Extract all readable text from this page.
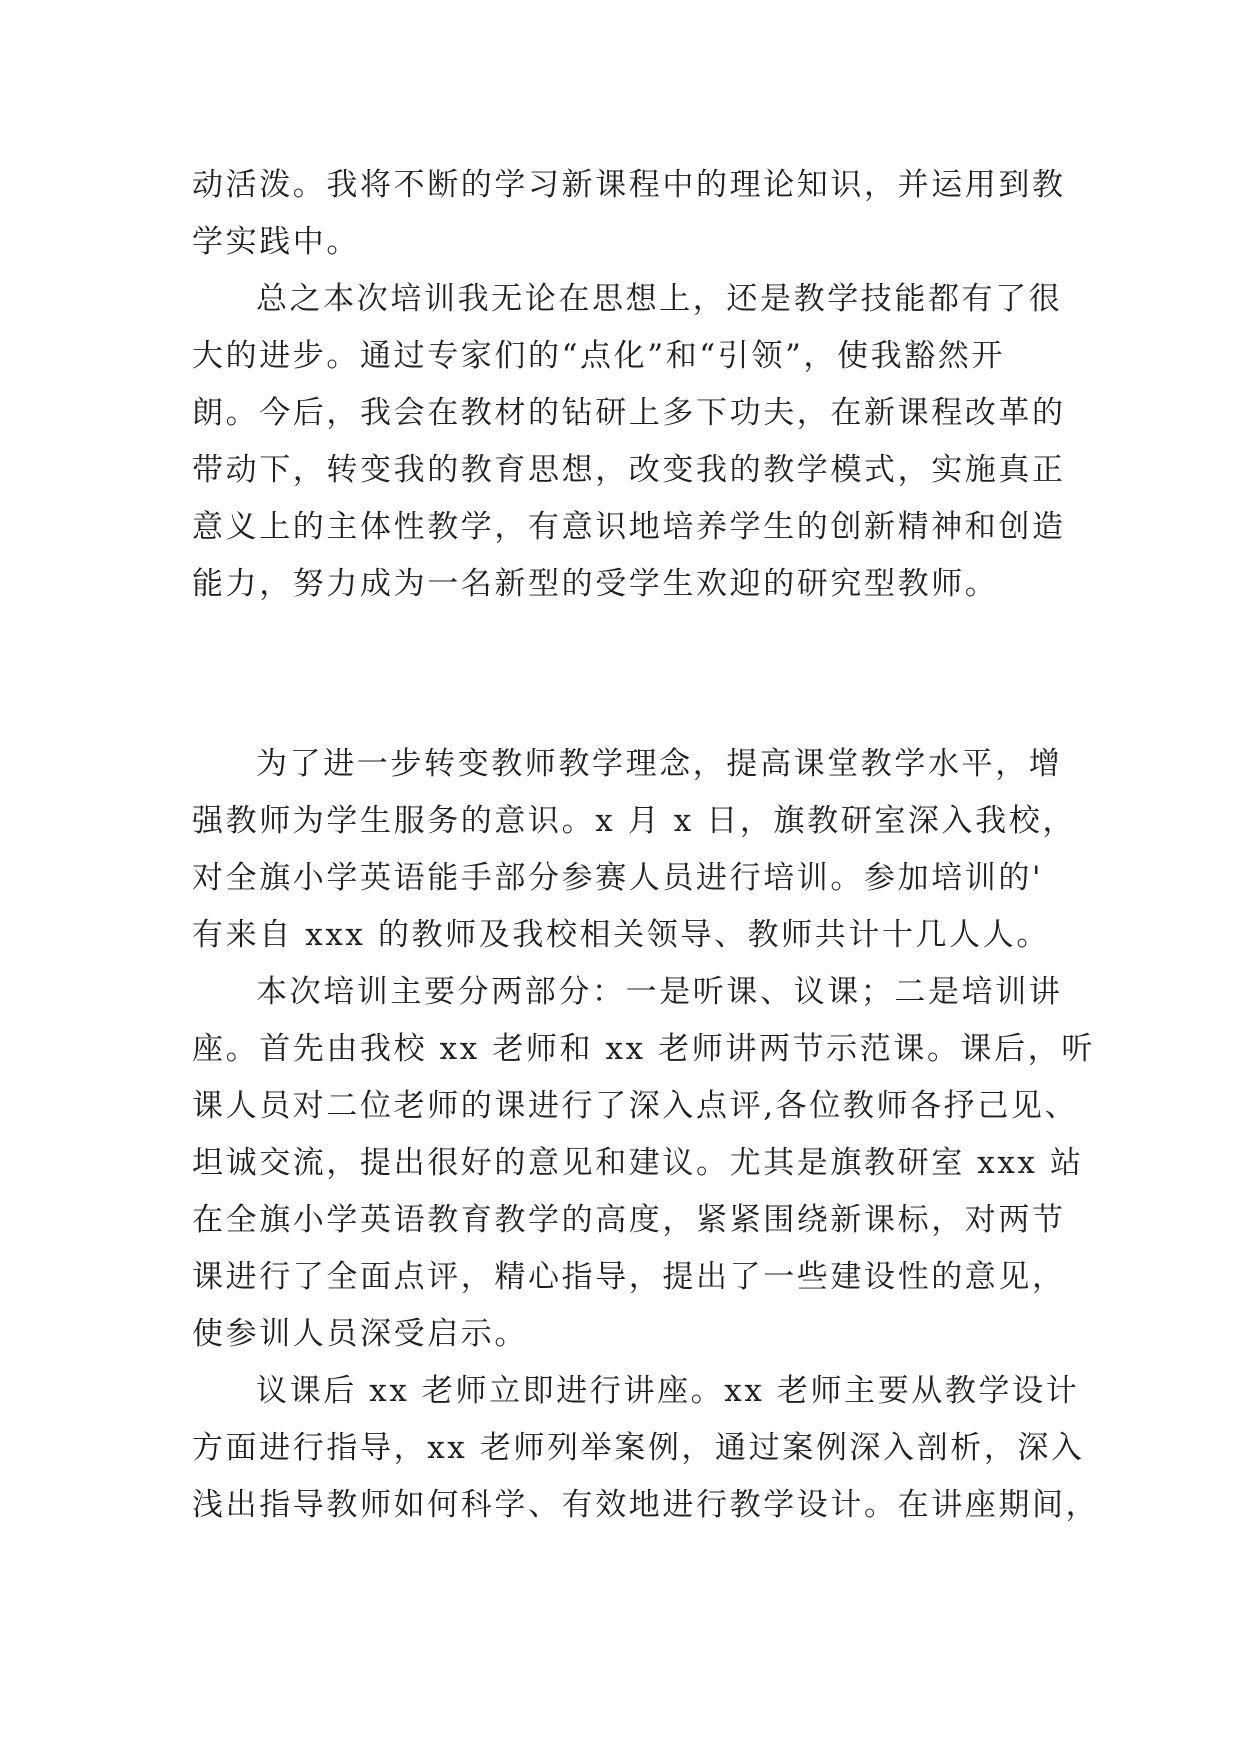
动活泼。我将不断的学习新课程中的理论知识，并运用到教
学实践中。
总之本次培训我无论在思想上，还是教学技能都有了很
大的进步。通过专家们的“点化”和“引领”，使我豁然开
朗。今后，我会在教材的钻研上多下功夫，在新课程改革的
带动下，转变我的教育思想，改变我的教学模式，实施真正
意义上的主体性教学，有意识地培养学生的创新精神和创造
能力，努力成为一名新型的受学生欢迎的研究型教师。
为了进一步转变教师教学理念，提高课堂教学水平，增
强教师为学生服务的意识。x 月 x 日，旗教研室深入我校，
对全旗小学英语能手部分参赛人员进行培训。参加培训的'
有来自 xxx 的教师及我校相关领导、教师共计十几人人。
本次培训主要分两部分：一是听课、议课；二是培训讲
座。首先由我校 xx 老师和 xx 老师讲两节示范课。课后，听
课人员对二位老师的课进行了深入点评,各位教师各抒己见、
坦诚交流，提出很好的意见和建议。尤其是旗教研室 xxx 站
在全旗小学英语教育教学的高度，紧紧围绕新课标，对两节
课进行了全面点评，精心指导，提出了一些建设性的意见，
使参训人员深受启示。
议课后 xx 老师立即进行讲座。xx 老师主要从教学设计
方面进行指导，xx 老师列举案例，通过案例深入剖析，深入
浅出指导教师如何科学、有效地进行教学设计。在讲座期间，
